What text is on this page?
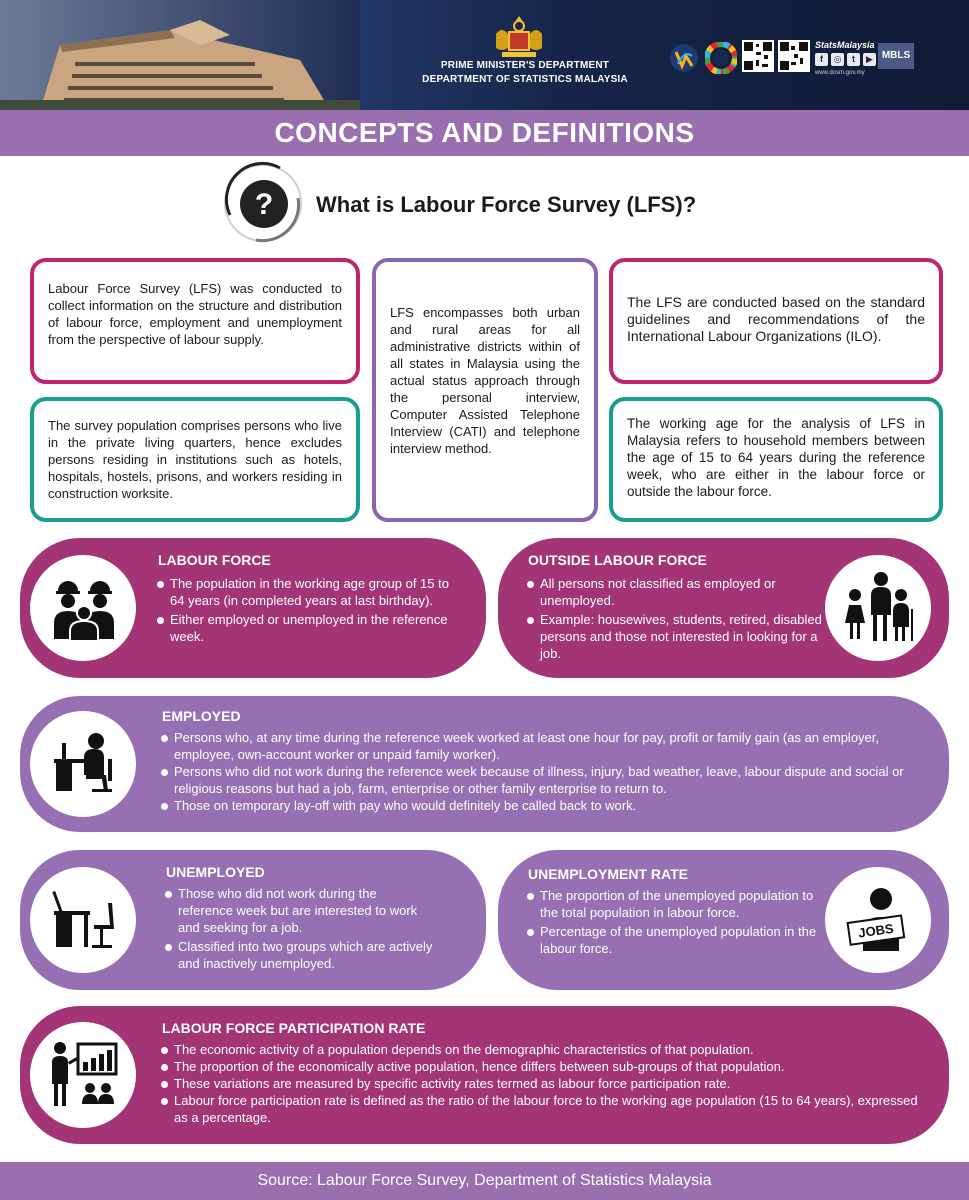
PRIME MINISTER'S DEPARTMENT
DEPARTMENT OF STATISTICS MALAYSIA
StatsMalaysia
f	◎	t	▶
www.dosm.gov.my
MBLS
CONCEPTS AND DEFINITIONS
? What is Labour Force Survey (LFS)?
Labour Force Survey (LFS) was conducted to collect information on the structure and distribution of labour force, employment and unemployment from the perspective of labour supply.
The survey population comprises persons who live in the private living quarters, hence excludes persons residing in institutions such as hotels, hospitals, hostels, prisons, and workers residing in construction worksite.
LFS encompasses both urban and rural areas for all administrative districts within of all states in Malaysia using the actual status approach through the personal interview, Computer Assisted Telephone Interview (CATI) and telephone interview method.
The LFS are conducted based on the standard guidelines and recommendations of the International Labour Organizations (ILO).
The working age for the analysis of LFS in Malaysia refers to household members between the age of 15 to 64 years during the reference week, who are either in the labour force or outside the labour force.
LABOUR FORCE
The population in the working age group of 15 to 64 years (in completed years at last birthday).
Either employed or unemployed in the reference week.
OUTSIDE LABOUR FORCE
All persons not classified as employed or unemployed.
Example: housewives, students, retired, disabled persons and those not interested in looking for a job.
EMPLOYED
Persons who, at any time during the reference week worked at least one hour for pay, profit or family gain (as an employer, employee, own-account worker or unpaid family worker).
Persons who did not work during the reference week because of illness, injury, bad weather, leave, labour dispute and social or religious reasons but had a job, farm, enterprise or other family enterprise to return to.
Those on temporary lay-off with pay who would definitely be called back to work.
UNEMPLOYED
Those who did not work during the reference week but are interested to work and seeking for a job.
Classified into two groups which are actively and inactively unemployed.
JOBS
UNEMPLOYMENT RATE
The proportion of the unemployed population to the total population in labour force.
Percentage of the unemployed population in the labour force.
LABOUR FORCE PARTICIPATION RATE
The economic activity of a population depends on the demographic characteristics of that population.
The proportion of the economically active population, hence differs between sub-groups of that population.
These variations are measured by specific activity rates termed as labour force participation rate.
Labour force participation rate is defined as the ratio of the labour force to the working age population (15 to 64 years), expressed as a percentage.
Source: Labour Force Survey, Department of Statistics Malaysia
